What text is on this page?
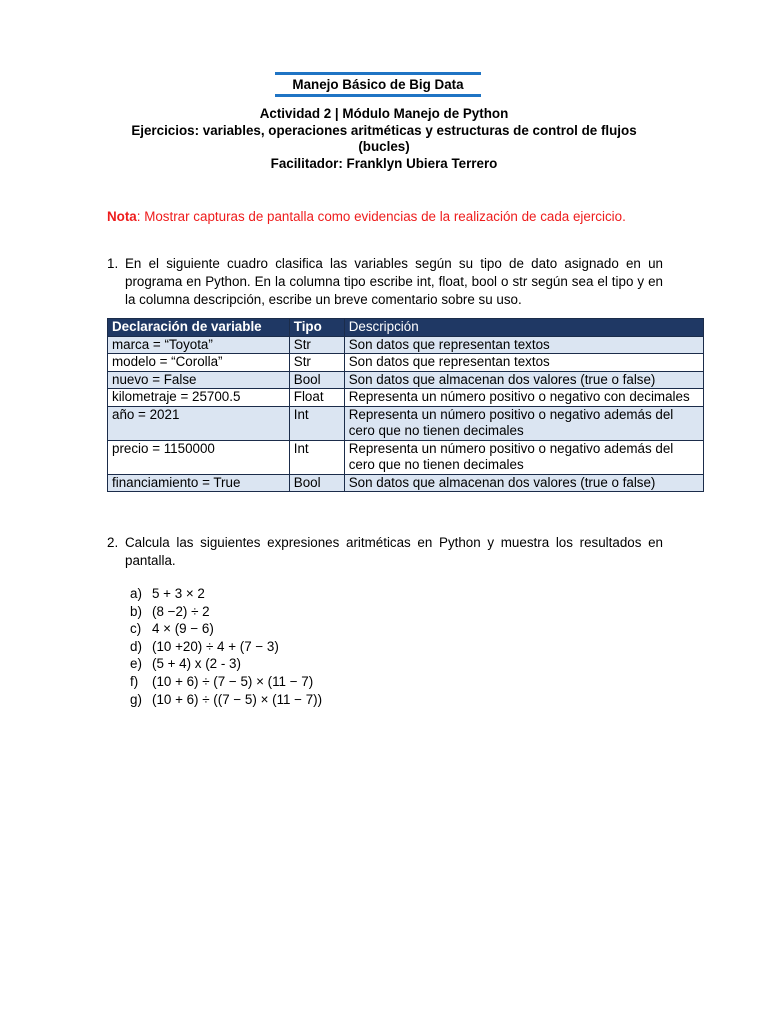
Manejo Básico de Big Data
Actividad 2 | Módulo Manejo de Python
Ejercicios: variables, operaciones aritméticas y estructuras de control de flujos
(bucles)
Facilitador: Franklyn Ubiera Terrero
Nota: Mostrar capturas de pantalla como evidencias de la realización de cada ejercicio.
1. En el siguiente cuadro clasifica las variables según su tipo de dato asignado en un programa en Python. En la columna tipo escribe int, float, bool o str según sea el tipo y en la columna descripción, escribe un breve comentario sobre su uso.
Declaración de variable	Tipo	Descripción
marca = “Toyota”	Str	Son datos que representan textos
modelo = “Corolla”	Str	Son datos que representan textos
nuevo = False	Bool	Son datos que almacenan dos valores (true o false)
kilometraje = 25700.5	Float	Representa un número positivo o negativo con decimales
año = 2021	Int	Representa un número positivo o negativo además del cero que no tienen decimales
precio = 1150000	Int	Representa un número positivo o negativo además del cero que no tienen decimales
financiamiento = True	Bool	Son datos que almacenan dos valores (true o false)
2. Calcula las siguientes expresiones aritméticas en Python y muestra los resultados en pantalla.
a) 5 + 3 × 2
b) (8 −2) ÷ 2
c) 4 × (9 − 6)
d) (10 +20) ÷ 4 + (7 − 3)
e) (5 + 4) x (2 - 3)
f) (10 + 6) ÷ (7 − 5) × (11 − 7)
g) (10 + 6) ÷ ((7 − 5) × (11 − 7))
